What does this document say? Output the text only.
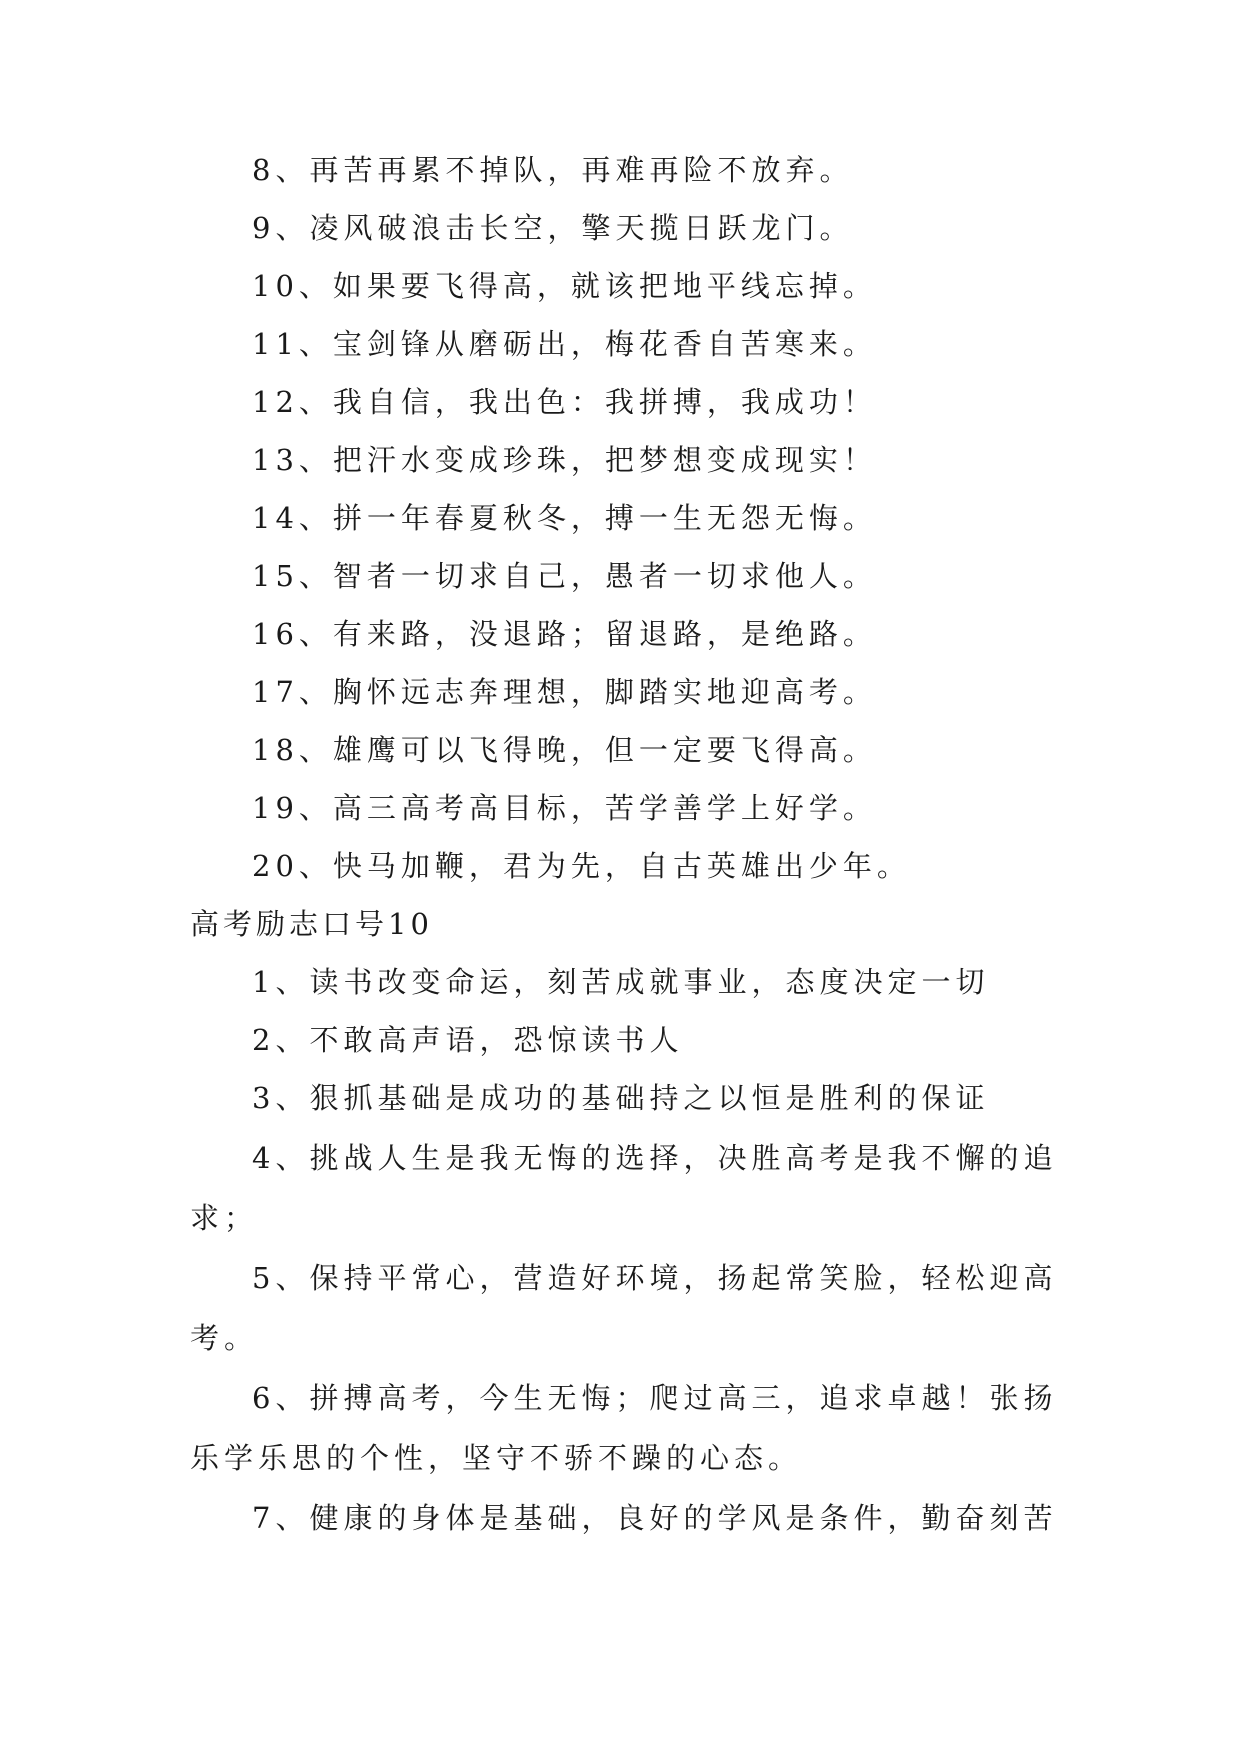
8、再苦再累不掉队，再难再险不放弃。
9、凌风破浪击长空，擎天揽日跃龙门。
10、如果要飞得高，就该把地平线忘掉。
11、宝剑锋从磨砺出，梅花香自苦寒来。
12、我自信，我出色：我拼搏，我成功！
13、把汗水变成珍珠，把梦想变成现实！
14、拼一年春夏秋冬，搏一生无怨无悔。
15、智者一切求自己，愚者一切求他人。
16、有来路，没退路；留退路，是绝路。
17、胸怀远志奔理想，脚踏实地迎高考。
18、雄鹰可以飞得晚，但一定要飞得高。
19、高三高考高目标，苦学善学上好学。
20、快马加鞭，君为先，自古英雄出少年。
高考励志口号10
1、读书改变命运，刻苦成就事业，态度决定一切
2、不敢高声语，恐惊读书人
3、狠抓基础是成功的基础持之以恒是胜利的保证
4、挑战人生是我无悔的选择，决胜高考是我不懈的追
求；
5、保持平常心，营造好环境，扬起常笑脸，轻松迎高
考。
6、拼搏高考，今生无悔；爬过高三，追求卓越！张扬
乐学乐思的个性，坚守不骄不躁的心态。
7、健康的身体是基础，良好的学风是条件，勤奋刻苦
